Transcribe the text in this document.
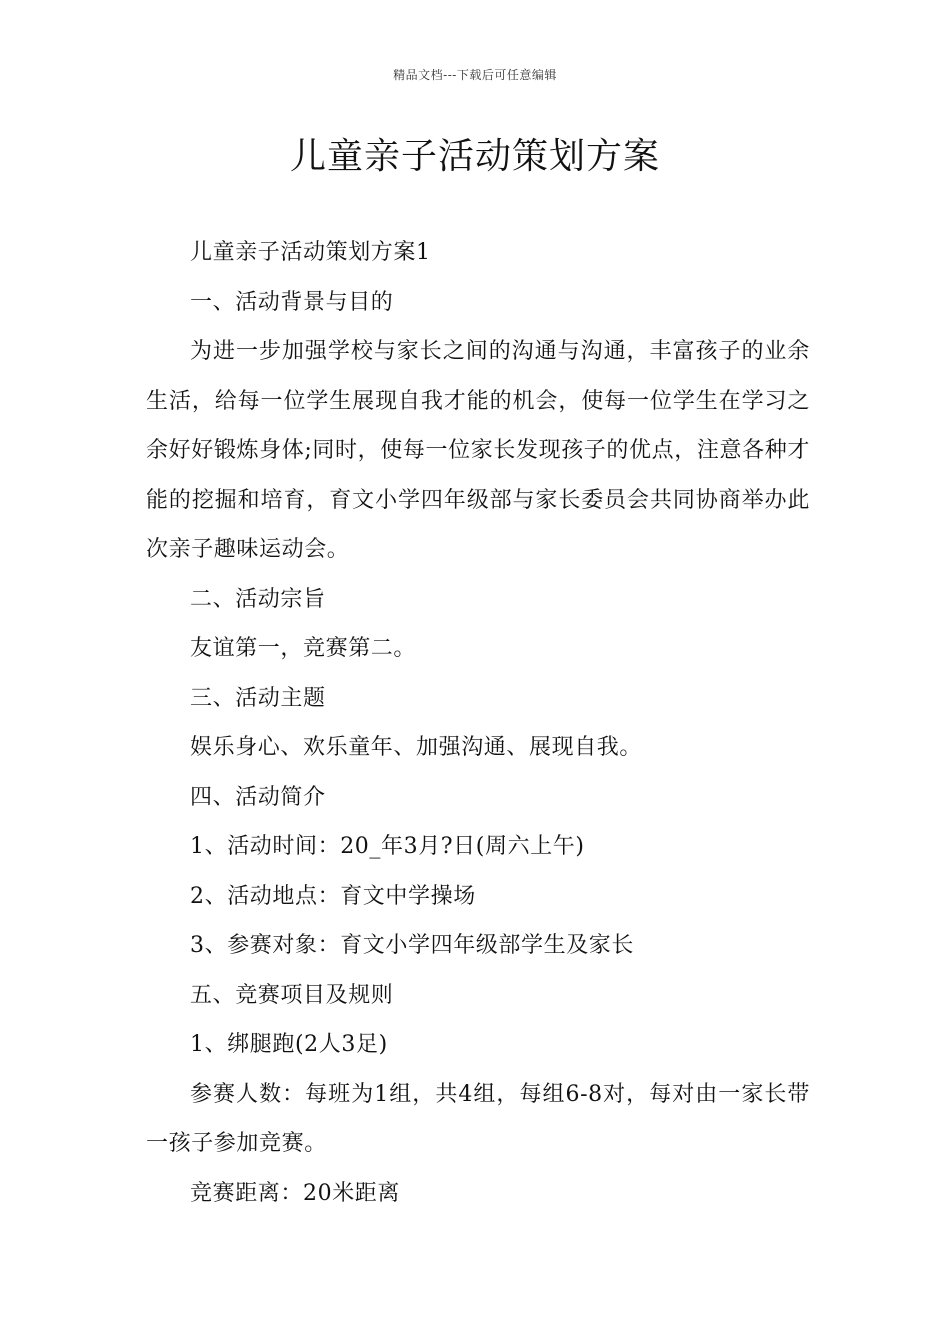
精品文档---下载后可任意编辑
儿童亲子活动策划方案

儿童亲子活动策划方案1

一、活动背景与目的

为进一步加强学校与家长之间的沟通与沟通，丰富孩子的业余生活，给每一位学生展现自我才能的机会，使每一位学生在学习之余好好锻炼身体;同时，使每一位家长发现孩子的优点，注意各种才能的挖掘和培育，育文小学四年级部与家长委员会共同协商举办此次亲子趣味运动会。

二、活动宗旨

友谊第一，竞赛第二。

三、活动主题

娱乐身心、欢乐童年、加强沟通、展现自我。

四、活动简介

1、活动时间：20_年3月?日(周六上午)

2、活动地点：育文中学操场

3、参赛对象：育文小学四年级部学生及家长

五、竞赛项目及规则

1、绑腿跑(2人3足)

参赛人数：每班为1组，共4组，每组6-8对，每对由一家长带一孩子参加竞赛。

竞赛距离：20米距离
